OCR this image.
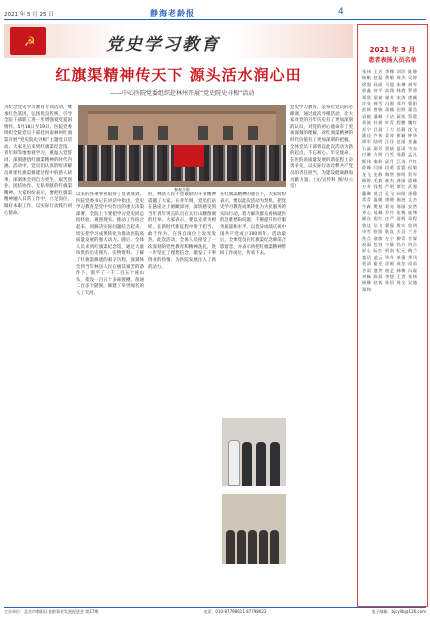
2021 年 5 月 25 日	静海老龄报	4
☭	党史学习教育
红旗渠精神传天下 源头活水润心田
——中心医院党委组织赴林州开展“党史院史寻根”活动
为纪念党史学习教育专项活动，继承红色基因，弘扬优良传统，引导全院干部职工进一步增强爱党爱国情怀。5月18日至19日，医院党委组织全院党员干部赴河南林州红旗渠开展“党史院史寻根”主题党日活动。大家先后来到红旗渠纪念馆、青年洞等地参观学习，重温入党誓词，深刻感悟红旗渠精神的时代内涵。活动中，党员们认真聆听讲解员讲述红旗渠修建过程中的感人故事，深刻体会到自力更生、艰苦创业、团结协作、无私奉献的红旗渠精神。大家纷纷表示，要把红旗渠精神融入日常工作中，立足岗位，做好本职工作，以实际行动践行初心使命。
参观合影
以来的各项事业取得了显著成效。医院党委书记在讲话中指出，党史学习教育是党中央作出的重大决策部署，全院上下要把学习党史同总结经验、观照现实、推动工作结合起来，同解决实际问题结合起来，切实把学习成果转化为推动医院高质量发展的强大动力。随后，全体人员来到红旗渠纪念馆，通过大量珍贵的历史图片、实物资料，了解了红旗渠修建的艰辛历程，深刻体会到当年林县人民在极其艰苦的条件下，削平了一千二百五十座山头，架设一百五十多座渡槽，凿通二百多个隧洞，修建了举世闻名的人工天河。
的，林县人民不畏艰险的斗争精神震撼了大家。在青年洞，党员们站在悬崖之上俯瞰漳河，深切感受到当年青年突击队员在太行山腰凿洞的壮举。大家表示，要以先辈为榜样，在新时代新征程中勇于担当、敢于作为，在各自岗位上发光发热。此次活动，全体人员接受了一次深刻的党性教育和精神洗礼，进一步坚定了理想信念，激发了干事创业的热情，为医院发展注入了新的动力。
在红旗渠精神的感召下，大家纷纷表示，要以此次活动为契机，把党史学习教育成果转化为为民服务的实际行动，着力解决群众看病就医的急难愁盼问题，不断提升医疗服务质量和水平，以优异成绩庆祝中国共产党成立100周年。活动最后，全体党员在红旗渠纪念碑前合影留念，并表示将把红旗渠精神带回工作岗位，传承下去。
党史学习教育，是每位党员的必修课，通过此次寻根活动，让大家对党的百年历史有了更加深刻的认识，对党的初心使命有了更加深刻的理解，对红旗渠精神的时代价值有了更加深刻的把握。全体党员干部将以此次活动为新的起点，不忘初心、牢记使命，在医院高质量发展的新征程上奋勇争先，以实际行动诠释共产党员的责任担当，为建设健康静海贡献力量。（文/宣传科 图/办公室）
2021 年 3 月
患者表扬人员名单
张伟 王芳 李娜 刘洋 陈静 杨帆 赵磊 黄敏 周杰 吴婷 徐强 孙丽 马超 朱琳 胡军 郭鑫 何平 高翔 林霞 罗勇 郑欣 梁斌 谢芳 宋涛 唐颖 许亮 韩雪 冯刚 邓丹 曹阳 彭辉 曾敏 萧楠 田野 董浩 袁媛 潘峰 于洁 蒋凯 蔡蕾 余波 杜娟 叶青 程鹏 魏红 苏宁 吕晨 丁力 任静 沈飞 姚佳 卢伟 姜涛 崔颖 钟华 谭军 陆明 汪洋 范丽 金鑫 石磊 廖芳 贾斌 夏雨 韦东 付琳 方明 白雪 邹静 孟凡 熊伟 秦岭 邱月 江涛 尹红 薛峰 闫丽 段勇 雷霆 侯敏 龙飞 史静 陶然 黎明 贺军 顾婷 毛毅 郝杰 龚丽 邵峰 万芳 钱程 严明 覃红 武强 戴琳 莫言 孔飞 向阳 汤静 常青 温暖 康健 施展 文杰 牛犇 樊星 葛亮 邢丽 安然 齐心 易峰 乔丹 伍梅 庞博 颜良 倪红 庄严 聂辉 章程 鲁达 岳飞 翟强 殷实 詹明 申雪 欧阳 耿直 关羽 兰芳 焦点 俞敏 左宁 柳青 甘霖 祝福 包容 宁静 尚方 符合 舒心 阮红 柯南 纪元 梅兰 童话 凌云 毕升 单强 季风 裴清 霍光 涂画 成龙 苗苗 谷雨 盛世 曲艺 韩梅 冯磊 刘畅 陈晨 李想 王者 张扬 杨柳 赵钱 孙悟 周全 吴越 郑和
主办单位：北京市朝阳区老龄事业发展促进会 第17期	电话：010-87798611 87798622	电子邮箱：bjcyllb@126.com
